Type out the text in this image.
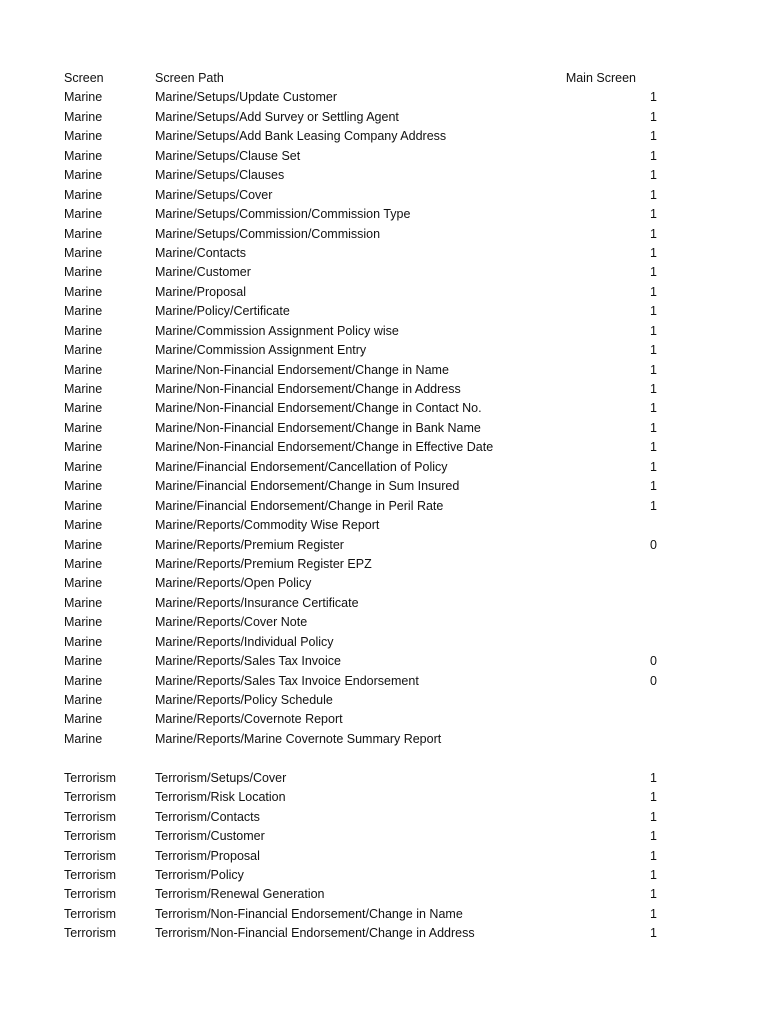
Screen	Screen Path	Main Screen
Marine	Marine/Setups/Update Customer	1
Marine	Marine/Setups/Add Survey or Settling Agent	1
Marine	Marine/Setups/Add Bank Leasing Company Address	1
Marine	Marine/Setups/Clause Set	1
Marine	Marine/Setups/Clauses	1
Marine	Marine/Setups/Cover	1
Marine	Marine/Setups/Commission/Commission Type	1
Marine	Marine/Setups/Commission/Commission	1
Marine	Marine/Contacts	1
Marine	Marine/Customer	1
Marine	Marine/Proposal	1
Marine	Marine/Policy/Certificate	1
Marine	Marine/Commission Assignment Policy wise	1
Marine	Marine/Commission Assignment Entry	1
Marine	Marine/Non-Financial Endorsement/Change in Name	1
Marine	Marine/Non-Financial Endorsement/Change in Address	1
Marine	Marine/Non-Financial Endorsement/Change in Contact No.	1
Marine	Marine/Non-Financial Endorsement/Change in Bank Name	1
Marine	Marine/Non-Financial Endorsement/Change in Effective Date	1
Marine	Marine/Financial Endorsement/Cancellation of Policy	1
Marine	Marine/Financial Endorsement/Change in Sum Insured	1
Marine	Marine/Financial Endorsement/Change in Peril Rate	1
Marine	Marine/Reports/Commodity Wise Report
Marine	Marine/Reports/Premium Register	0
Marine	Marine/Reports/Premium Register EPZ
Marine	Marine/Reports/Open Policy
Marine	Marine/Reports/Insurance Certificate
Marine	Marine/Reports/Cover Note
Marine	Marine/Reports/Individual Policy
Marine	Marine/Reports/Sales Tax Invoice	0
Marine	Marine/Reports/Sales Tax Invoice Endorsement	0
Marine	Marine/Reports/Policy Schedule
Marine	Marine/Reports/Covernote Report
Marine	Marine/Reports/Marine Covernote Summary Report
Terrorism	Terrorism/Setups/Cover	1
Terrorism	Terrorism/Risk Location	1
Terrorism	Terrorism/Contacts	1
Terrorism	Terrorism/Customer	1
Terrorism	Terrorism/Proposal	1
Terrorism	Terrorism/Policy	1
Terrorism	Terrorism/Renewal Generation	1
Terrorism	Terrorism/Non-Financial Endorsement/Change in Name	1
Terrorism	Terrorism/Non-Financial Endorsement/Change in Address	1
